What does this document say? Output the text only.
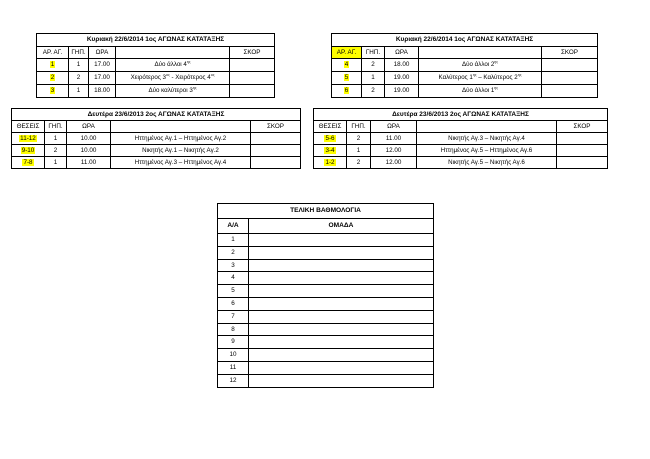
Κυριακή 22/6/2014 1ος ΑΓΩΝΑΣ ΚΑΤΑΤΑΞΗΣ				
ΑΡ. ΑΓ.	ΓΗΠ.	ΩΡΑ		ΣΚΟΡ
1	1	17.00	Δύο άλλοι $4^{\eta\varsigma}$	
2	2	17.00	Χειρότερος $3^{o\varsigma}$ - Χειρότερος $4^{o\varsigma}$	
3	1	18.00	Δύο καλύτεροι $3^{\eta\varsigma}$	
Κυριακή 22/6/2014 1ος ΑΓΩΝΑΣ ΚΑΤΑΤΑΞΗΣ				
ΑΡ. ΑΓ.	ΓΗΠ.	ΩΡΑ		ΣΚΟΡ
4	2	18.00	Δύο άλλοι $2^{\eta\varsigma}$	
5	1	19.00	Καλύτερος $1^{\eta\varsigma}$ – Καλύτερος $2^{\eta\varsigma}$	
6	2	19.00	Δύο άλλοι $1^{\eta\varsigma}$	
Δευτέρα 23/6/2013 2ος ΑΓΩΝΑΣ ΚΑΤΑΤΑΞΗΣ				
ΘΕΣΕΙΣ	ΓΗΠ.	ΩΡΑ		ΣΚΟΡ
11-12	1	10.00	Ηττημένος Αγ.1 – Ηττημένος Αγ.2	
9-10	2	10.00	Νικητής Αγ.1 – Νικητής Αγ.2	
7-8	1	11.00	Ηττημένος Αγ.3 – Ηττημένος Αγ.4	
Δευτέρα 23/6/2013 2ος ΑΓΩΝΑΣ ΚΑΤΑΤΑΞΗΣ				
ΘΕΣΕΙΣ	ΓΗΠ.	ΩΡΑ		ΣΚΟΡ
5-6	2	11.00	Νικητής Αγ.3 – Νικητής Αγ.4	
3-4	1	12.00	Ηττημένος Αγ.5 – Ηττημένος Αγ.6	
1-2	2	12.00	Νικητής Αγ.5 – Νικητής Αγ.6	
ΤΕΛΙΚΗ ΒΑΘΜΟΛΟΓΙΑ	
Α/Α	ΟΜΑΔΑ
1	
2	
3	
4	
5	
6	
7	
8	
9	
10	
11	
12	
